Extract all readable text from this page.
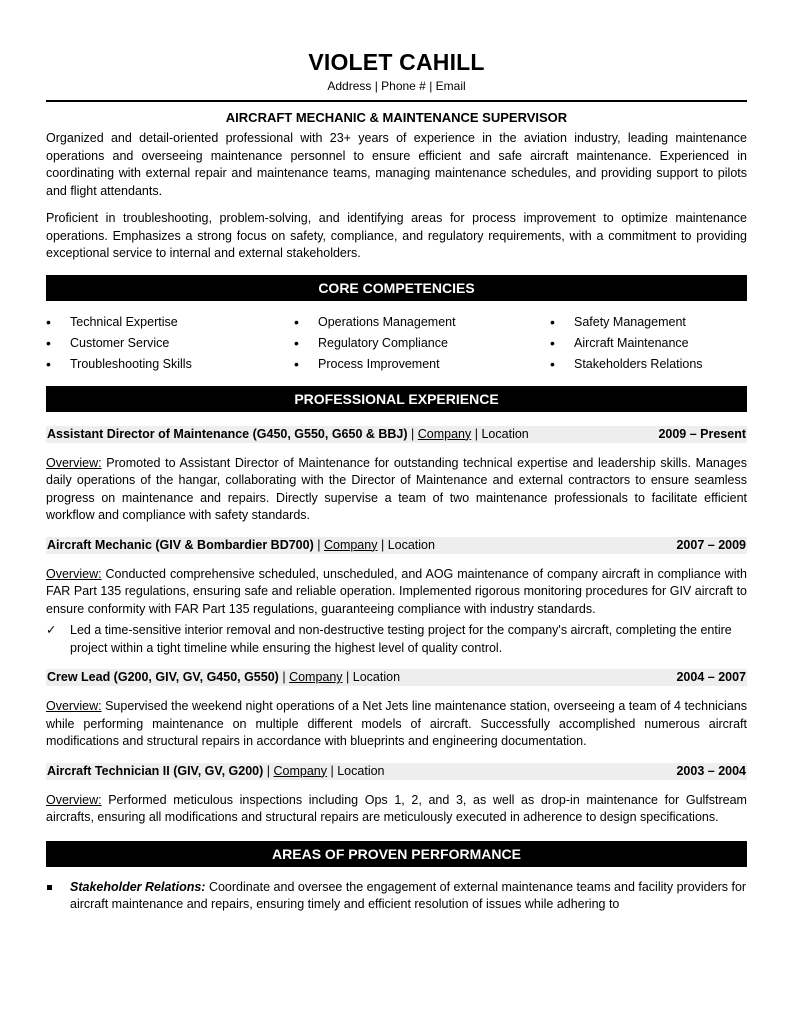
VIOLET CAHILL
Address | Phone # | Email
AIRCRAFT MECHANIC & MAINTENANCE SUPERVISOR

Organized and detail-oriented professional with 23+ years of experience in the aviation industry, leading maintenance operations and overseeing maintenance personnel to ensure efficient and safe aircraft maintenance. Experienced in coordinating with external repair and maintenance teams, managing maintenance schedules, and providing support to pilots and flight attendants.

Proficient in troubleshooting, problem-solving, and identifying areas for process improvement to optimize maintenance operations. Emphasizes a strong focus on safety, compliance, and regulatory requirements, with a commitment to providing exceptional service to internal and external stakeholders.

CORE COMPETENCIES
• Technical Expertise
• Customer Service
• Troubleshooting Skills
• Operations Management
• Regulatory Compliance
• Process Improvement
• Safety Management
• Aircraft Maintenance
• Stakeholders Relations
PROFESSIONAL EXPERIENCE
Assistant Director of Maintenance (G450, G550, G650 & BBJ) | Company | Location	2009 – Present

Overview: Promoted to Assistant Director of Maintenance for outstanding technical expertise and leadership skills. Manages daily operations of the hangar, collaborating with the Director of Maintenance and external contractors to ensure seamless progress on maintenance and repairs. Directly supervise a team of two maintenance professionals to facilitate efficient workflow and compliance with safety standards.

Aircraft Mechanic (GIV & Bombardier BD700) | Company | Location	2007 – 2009

Overview: Conducted comprehensive scheduled, unscheduled, and AOG maintenance of company aircraft in compliance with FAR Part 135 regulations, ensuring safe and reliable operation. Implemented rigorous monitoring procedures for GIV aircraft to ensure conformity with FAR Part 135 regulations, guaranteeing compliance with industry standards.

✓ Led a time-sensitive interior removal and non-destructive testing project for the company's aircraft, completing the entire project within a tight timeline while ensuring the highest level of quality control.
Crew Lead (G200, GIV, GV, G450, G550) | Company | Location	2004 – 2007

Overview: Supervised the weekend night operations of a Net Jets line maintenance station, overseeing a team of 4 technicians while performing maintenance on multiple different models of aircraft. Successfully accomplished numerous aircraft modifications and structural repairs in accordance with blueprints and engineering documentation.

Aircraft Technician II (GIV, GV, G200) | Company | Location	2003 – 2004

Overview: Performed meticulous inspections including Ops 1, 2, and 3, as well as drop-in maintenance for Gulfstream aircrafts, ensuring all modifications and structural repairs are meticulously executed in adherence to design specifications.

AREAS OF PROVEN PERFORMANCE
Stakeholder Relations: Coordinate and oversee the engagement of external maintenance teams and facility providers for aircraft maintenance and repairs, ensuring timely and efficient resolution of issues while adhering to
